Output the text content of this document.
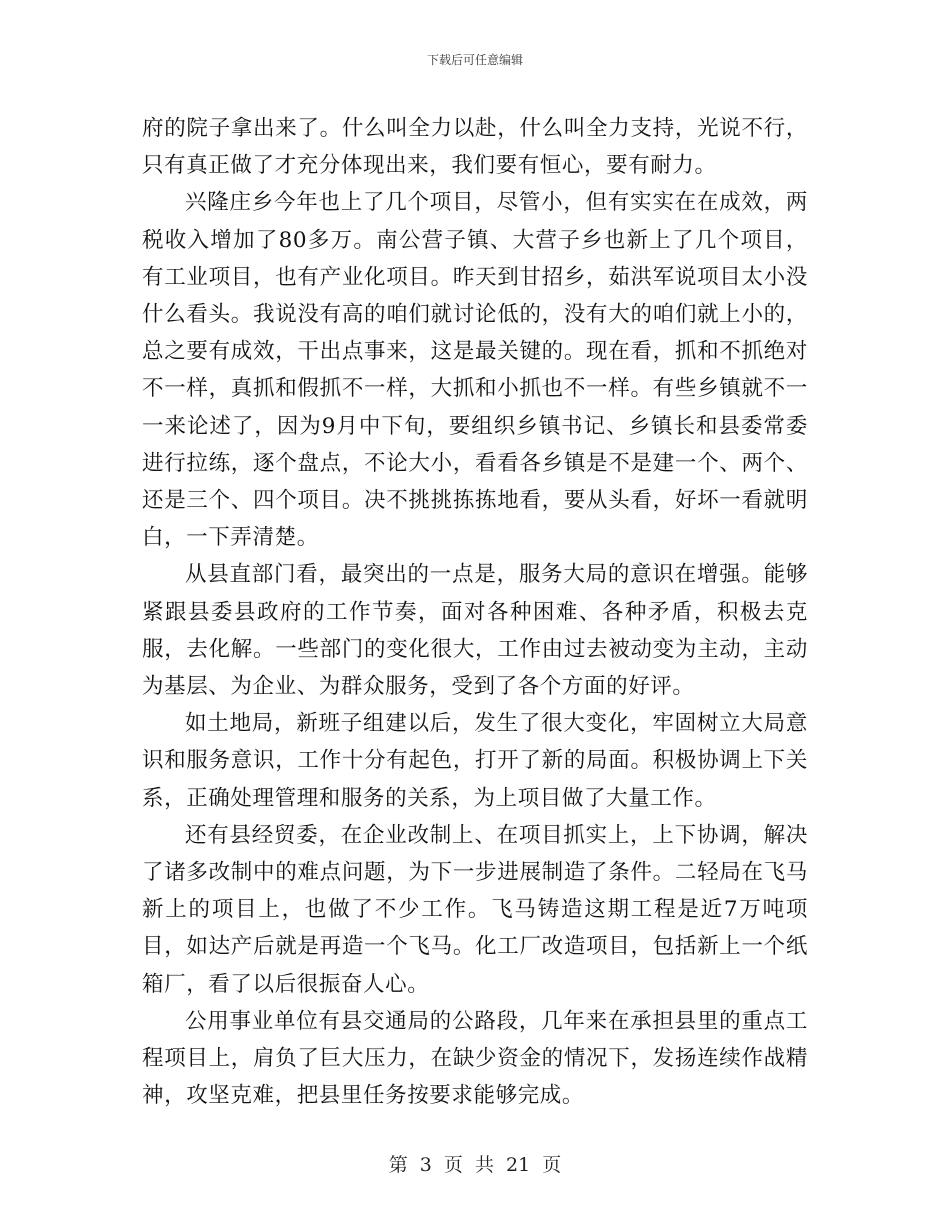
下载后可任意编辑

府的院子拿出来了。什么叫全力以赴，什么叫全力支持，光说不行，只有真正做了才充分体现出来，我们要有恒心，要有耐力。

兴隆庄乡今年也上了几个项目，尽管小，但有实实在在成效，两税收入增加了80多万。南公营子镇、大营子乡也新上了几个项目，有工业项目，也有产业化项目。昨天到甘招乡，茹洪军说项目太小没什么看头。我说没有高的咱们就讨论低的，没有大的咱们就上小的，总之要有成效，干出点事来，这是最关键的。现在看，抓和不抓绝对不一样，真抓和假抓不一样，大抓和小抓也不一样。有些乡镇就不一一来论述了，因为9月中下旬，要组织乡镇书记、乡镇长和县委常委进行拉练，逐个盘点，不论大小，看看各乡镇是不是建一个、两个、还是三个、四个项目。决不挑挑拣拣地看，要从头看，好坏一看就明白，一下弄清楚。

从县直部门看，最突出的一点是，服务大局的意识在增强。能够紧跟县委县政府的工作节奏，面对各种困难、各种矛盾，积极去克服，去化解。一些部门的变化很大，工作由过去被动变为主动，主动为基层、为企业、为群众服务，受到了各个方面的好评。

如土地局，新班子组建以后，发生了很大变化，牢固树立大局意识和服务意识，工作十分有起色，打开了新的局面。积极协调上下关系，正确处理管理和服务的关系，为上项目做了大量工作。

还有县经贸委，在企业改制上、在项目抓实上，上下协调，解决了诸多改制中的难点问题，为下一步进展制造了条件。二轻局在飞马新上的项目上，也做了不少工作。飞马铸造这期工程是近7万吨项目，如达产后就是再造一个飞马。化工厂改造项目，包括新上一个纸箱厂，看了以后很振奋人心。

公用事业单位有县交通局的公路段，几年来在承担县里的重点工程项目上，肩负了巨大压力，在缺少资金的情况下，发扬连续作战精神，攻坚克难，把县里任务按要求能够完成。

第 3 页 共 21 页
